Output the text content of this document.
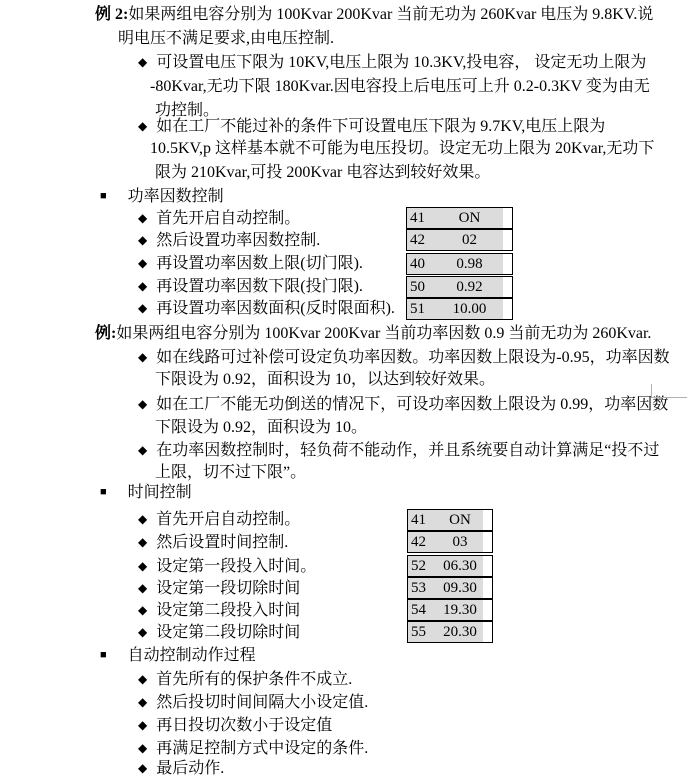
例 2:如果两组电容分别为 100Kvar 200Kvar 当前无功为 260Kvar 电压为 9.8KV.说
明电压不满足要求,由电压控制.
◆ 可设置电压下限为 10KV,电压上限为 10.3KV,投电容， 设定无功上限为
-80Kvar,无功下限 180Kvar.因电容投上后电压可上升 0.2-0.3KV 变为由无
功控制。
◆ 如在工厂不能过补的条件下可设置电压下限为 9.7KV,电压上限为
10.5KV,p 这样基本就不可能为电压投切。设定无功上限为 20Kvar,无功下
限为 210Kvar,可投 200Kvar 电容达到较好效果。
■ 功率因数控制
◆ 首先开启自动控制。	41	ON
◆ 然后设置功率因数控制.	42	02
◆ 再设置功率因数上限(切门限).	40	0.98
◆ 再设置功率因数下限(投门限).	50	0.92
◆ 再设置功率因数面积(反时限面积). 51	10.00
例:如果两组电容分别为 100Kvar 200Kvar 当前功率因数 0.9 当前无功为 260Kvar.
◆ 如在线路可过补偿可设定负功率因数。功率因数上限设为-0.95，功率因数
下限设为 0.92，面积设为 10，以达到较好效果。
◆ 如在工厂不能无功倒送的情况下，可设功率因数上限设为 0.99，功率因数
下限设为 0.92，面积设为 10。
◆ 在功率因数控制时，轻负荷不能动作，并且系统要自动计算满足“投不过
上限，切不过下限”。
■ 时间控制
◆ 首先开启自动控制。	41	ON
◆ 然后设置时间控制.	42	03
◆ 设定第一段投入时间。	52	06.30
◆ 设定第一段切除时间	53	09.30
◆ 设定第二段投入时间	54	19.30
◆ 设定第二段切除时间	55	20.30
■ 自动控制动作过程
◆ 首先所有的保护条件不成立.
◆ 然后投切时间间隔大小设定值.
◆ 再日投切次数小于设定值
◆ 再满足控制方式中设定的条件.
◆ 最后动作.
